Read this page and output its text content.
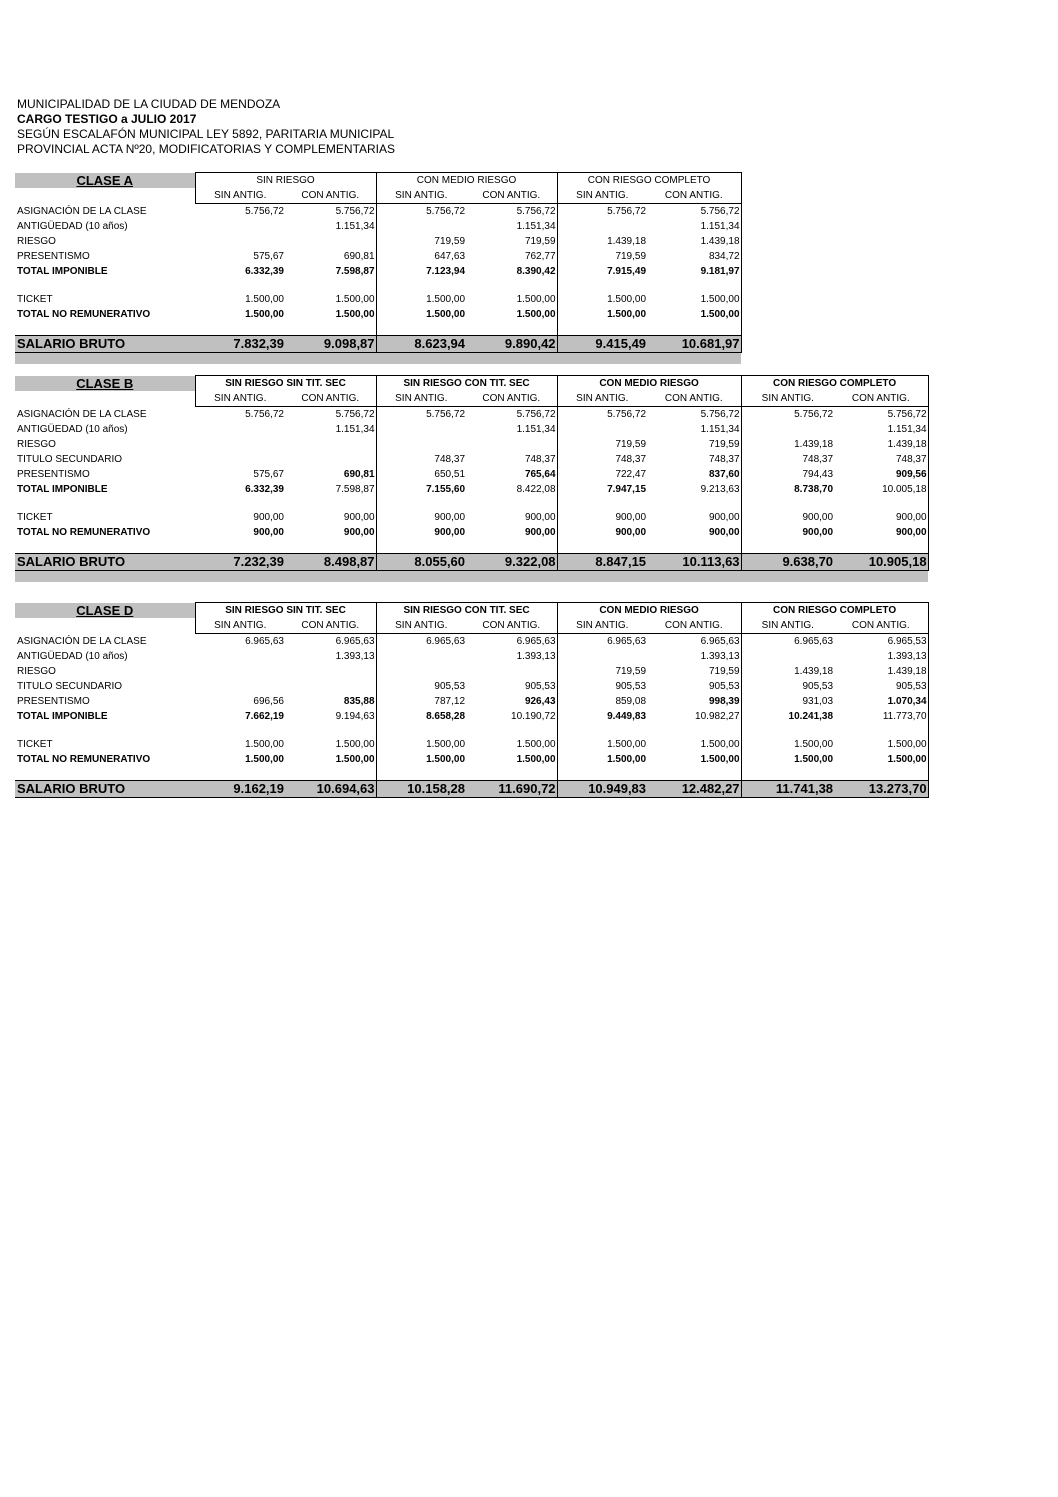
MUNICIPALIDAD DE LA CIUDAD DE MENDOZA
CARGO TESTIGO a JULIO 2017
SEGÚN ESCALAFÓN MUNICIPAL LEY 5892, PARITARIA MUNICIPAL
PROVINCIAL ACTA Nº20, MODIFICATORIAS Y COMPLEMENTARIAS
CLASE A	SIN RIESGO		CON MEDIO RIESGO		CON RIESGO COMPLETO	
	SIN ANTIG.	CON ANTIG.	SIN ANTIG.	CON ANTIG.	SIN ANTIG.	CON ANTIG.
ASIGNACIÓN DE LA CLASE	5.756,72	5.756,72	5.756,72	5.756,72	5.756,72	5.756,72
ANTIGÜEDAD (10 años)		1.151,34		1.151,34		1.151,34
RIESGO			719,59	719,59	1.439,18	1.439,18
PRESENTISMO	575,67	690,81	647,63	762,77	719,59	834,72
TOTAL IMPONIBLE	6.332,39	7.598,87	7.123,94	8.390,42	7.915,49	9.181,97

TICKET	1.500,00	1.500,00	1.500,00	1.500,00	1.500,00	1.500,00
TOTAL NO REMUNERATIVO	1.500,00	1.500,00	1.500,00	1.500,00	1.500,00	1.500,00

SALARIO BRUTO	7.832,39	9.098,87	8.623,94	9.890,42	9.415,49	10.681,97

CLASE B	SIN RIESGO SIN TIT. SEC		SIN RIESGO CON TIT. SEC		CON MEDIO RIESGO		CON RIESGO COMPLETO	
	SIN ANTIG.	CON ANTIG.	SIN ANTIG.	CON ANTIG.	SIN ANTIG.	CON ANTIG.	SIN ANTIG.	CON ANTIG.
ASIGNACIÓN DE LA CLASE	5.756,72	5.756,72	5.756,72	5.756,72	5.756,72	5.756,72	5.756,72	5.756,72
ANTIGÜEDAD (10 años)		1.151,34		1.151,34		1.151,34		1.151,34
RIESGO					719,59	719,59	1.439,18	1.439,18
TITULO SECUNDARIO			748,37	748,37	748,37	748,37	748,37	748,37
PRESENTISMO	575,67	690,81	650,51	765,64	722,47	837,60	794,43	909,56
TOTAL IMPONIBLE	6.332,39	7.598,87	7.155,60	8.422,08	7.947,15	9.213,63	8.738,70	10.005,18

TICKET	900,00	900,00	900,00	900,00	900,00	900,00	900,00	900,00
TOTAL NO REMUNERATIVO	900,00	900,00	900,00	900,00	900,00	900,00	900,00	900,00

SALARIO BRUTO	7.232,39	8.498,87	8.055,60	9.322,08	8.847,15	10.113,63	9.638,70	10.905,18

CLASE D	SIN RIESGO SIN TIT. SEC		SIN RIESGO CON TIT. SEC		CON MEDIO RIESGO		CON RIESGO COMPLETO	
	SIN ANTIG.	CON ANTIG.	SIN ANTIG.	CON ANTIG.	SIN ANTIG.	CON ANTIG.	SIN ANTIG.	CON ANTIG.
ASIGNACIÓN DE LA CLASE	6.965,63	6.965,63	6.965,63	6.965,63	6.965,63	6.965,63	6.965,63	6.965,53
ANTIGÜEDAD (10 años)		1.393,13		1.393,13		1.393,13		1.393,13
RIESGO					719,59	719,59	1.439,18	1.439,18
TITULO SECUNDARIO			905,53	905,53	905,53	905,53	905,53	905,53
PRESENTISMO	696,56	835,88	787,12	926,43	859,08	998,39	931,03	1.070,34
TOTAL IMPONIBLE	7.662,19	9.194,63	8.658,28	10.190,72	9.449,83	10.982,27	10.241,38	11.773,70

TICKET	1.500,00	1.500,00	1.500,00	1.500,00	1.500,00	1.500,00	1.500,00	1.500,00
TOTAL NO REMUNERATIVO	1.500,00	1.500,00	1.500,00	1.500,00	1.500,00	1.500,00	1.500,00	1.500,00

SALARIO BRUTO	9.162,19	10.694,63	10.158,28	11.690,72	10.949,83	12.482,27	11.741,38	13.273,70
